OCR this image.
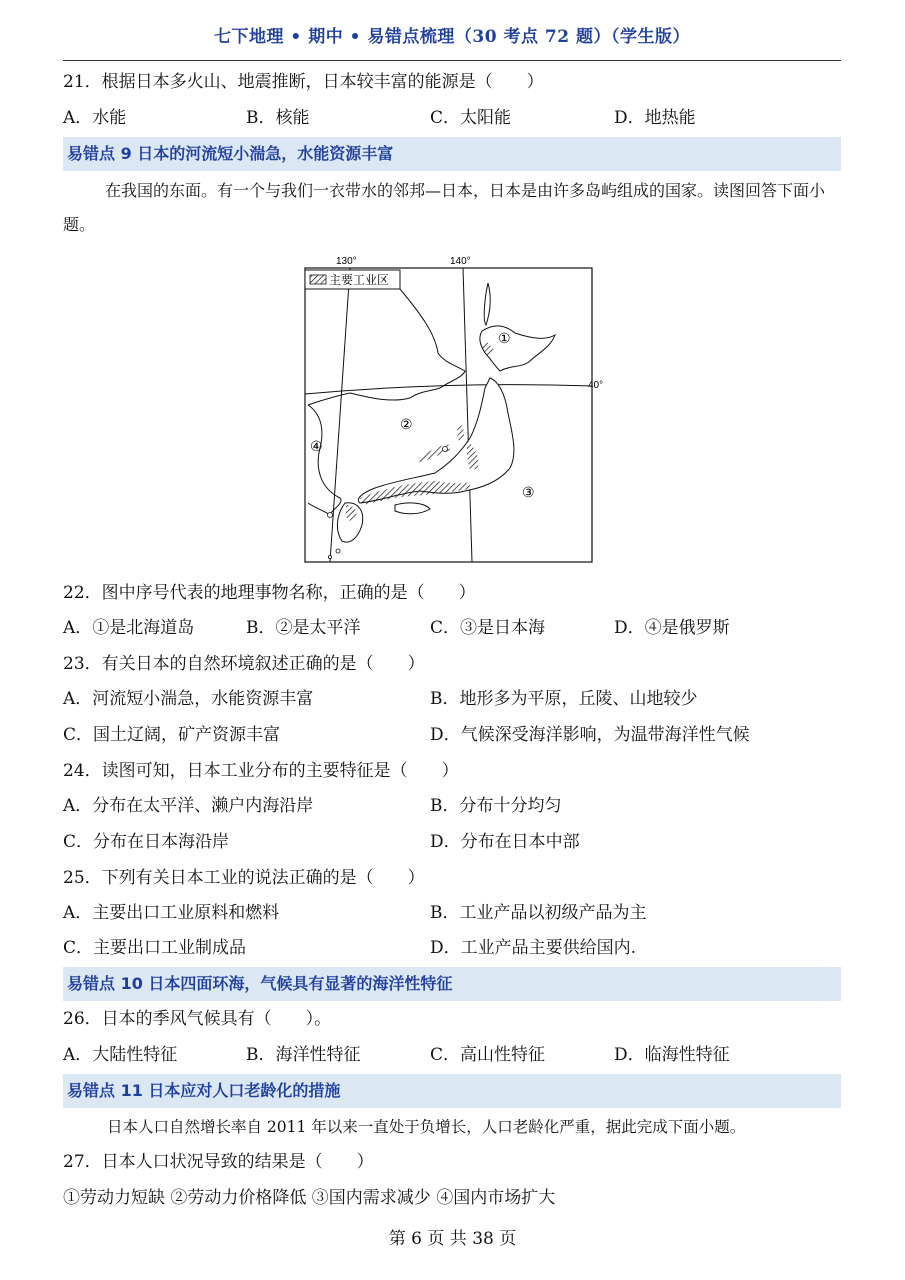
七下地理 • 期中 • 易错点梳理（30 考点 72 题）（学生版）
21．根据日本多火山、地震推断，日本较丰富的能源是（　　）
A．水能	B．核能	C．太阳能	D．地热能
易错点 9 日本的河流短小湍急，水能资源丰富
在我国的东面。有一个与我们一衣带水的邻邦—日本，日本是由许多岛屿组成的国家。读图回答下面小题。
130°	140°
40°
主要工业区
①
②
③
④
22．图中序号代表的地理事物名称，正确的是（　　）
A．①是北海道岛	B．②是太平洋	C．③是日本海	D．④是俄罗斯
23．有关日本的自然环境叙述正确的是（　　）
A．河流短小湍急，水能资源丰富	B．地形多为平原，丘陵、山地较少
C．国土辽阔，矿产资源丰富	D．气候深受海洋影响，为温带海洋性气候
24．读图可知，日本工业分布的主要特征是（　　）
A．分布在太平洋、濑户内海沿岸	B．分布十分均匀
C．分布在日本海沿岸	D．分布在日本中部
25．下列有关日本工业的说法正确的是（　　）
A．主要出口工业原料和燃料	B．工业产品以初级产品为主
C．主要出口工业制成品	D．工业产品主要供给国内.
易错点 10 日本四面环海，气候具有显著的海洋性特征
26．日本的季风气候具有（　　）。
A．大陆性特征	B．海洋性特征	C．高山性特征	D．临海性特征
易错点 11 日本应对人口老龄化的措施
日本人口自然增长率自 2011 年以来一直处于负增长，人口老龄化严重，据此完成下面小题。
27．日本人口状况导致的结果是（　　）
①劳动力短缺 ②劳动力价格降低 ③国内需求减少 ④国内市场扩大
第 6 页 共 38 页
